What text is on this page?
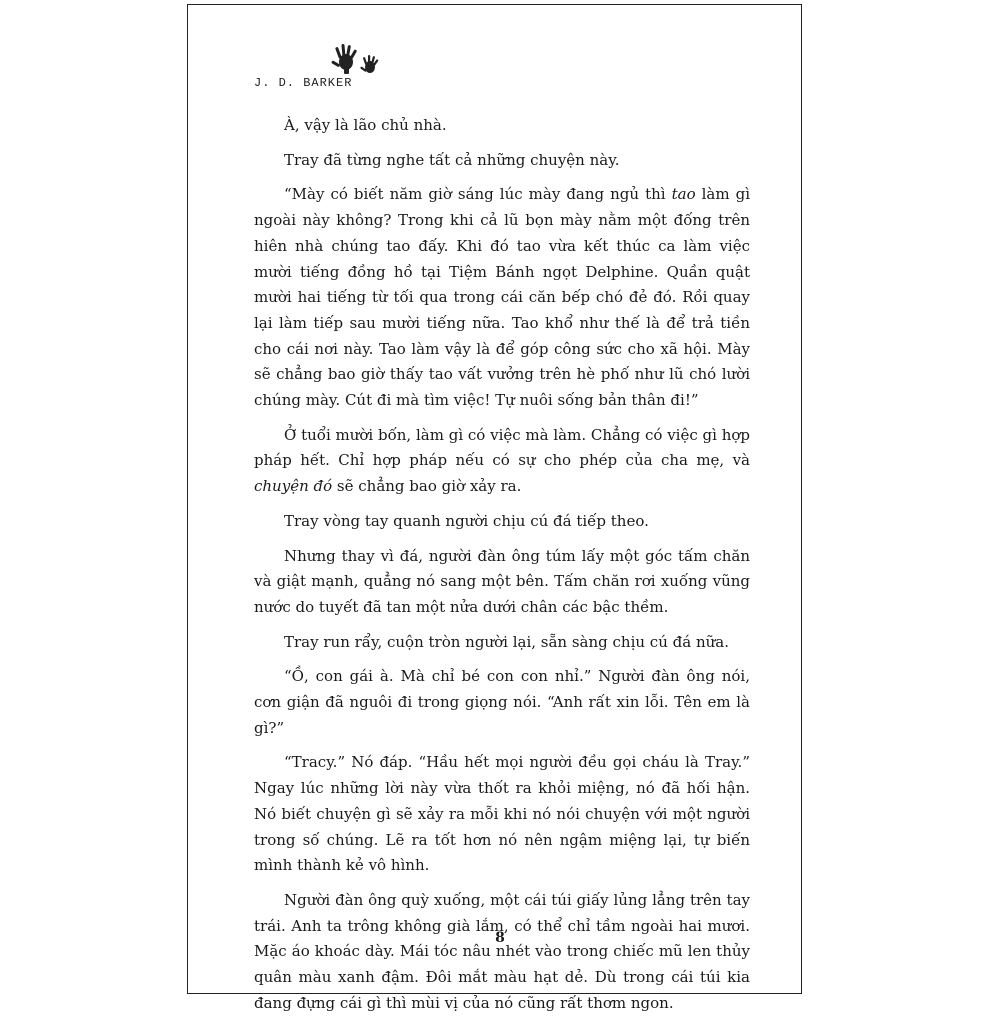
J. D. BARKER

À, vậy là lão chủ nhà.

Tray đã từng nghe tất cả những chuyện này.

“Mày có biết năm giờ sáng lúc mày đang ngủ thì tao làm gì ngoài này không? Trong khi cả lũ bọn mày nằm một đống trên hiên nhà chúng tao đấy. Khi đó tao vừa kết thúc ca làm việc mười tiếng đồng hồ tại Tiệm Bánh ngọt Delphine. Quần quật mười hai tiếng từ tối qua trong cái căn bếp chó đẻ đó. Rồi quay lại làm tiếp sau mười tiếng nữa. Tao khổ như thế là để trả tiền cho cái nơi này. Tao làm vậy là để góp công sức cho xã hội. Mày sẽ chẳng bao giờ thấy tao vất vưởng trên hè phố như lũ chó lười chúng mày. Cút đi mà tìm việc! Tự nuôi sống bản thân đi!”

Ở tuổi mười bốn, làm gì có việc mà làm. Chẳng có việc gì hợp pháp hết. Chỉ hợp pháp nếu có sự cho phép của cha mẹ, và chuyện đó sẽ chẳng bao giờ xảy ra.

Tray vòng tay quanh người chịu cú đá tiếp theo.

Nhưng thay vì đá, người đàn ông túm lấy một góc tấm chăn và giật mạnh, quẳng nó sang một bên. Tấm chăn rơi xuống vũng nước do tuyết đã tan một nửa dưới chân các bậc thềm.

Tray run rẩy, cuộn tròn người lại, sẵn sàng chịu cú đá nữa.

“Ồ, con gái à. Mà chỉ bé con con nhỉ.” Người đàn ông nói, cơn giận đã nguôi đi trong giọng nói. “Anh rất xin lỗi. Tên em là gì?”

“Tracy.” Nó đáp. “Hầu hết mọi người đều gọi cháu là Tray.” Ngay lúc những lời này vừa thốt ra khỏi miệng, nó đã hối hận. Nó biết chuyện gì sẽ xảy ra mỗi khi nó nói chuyện với một người trong số chúng. Lẽ ra tốt hơn nó nên ngậm miệng lại, tự biến mình thành kẻ vô hình.

Người đàn ông quỳ xuống, một cái túi giấy lủng lẳng trên tay trái. Anh ta trông không già lắm, có thể chỉ tầm ngoài hai mươi. Mặc áo khoác dày. Mái tóc nâu nhét vào trong chiếc mũ len thủy quân màu xanh đậm. Đôi mắt màu hạt dẻ. Dù trong cái túi kia đang đựng cái gì thì mùi vị của nó cũng rất thơm ngon.

8
